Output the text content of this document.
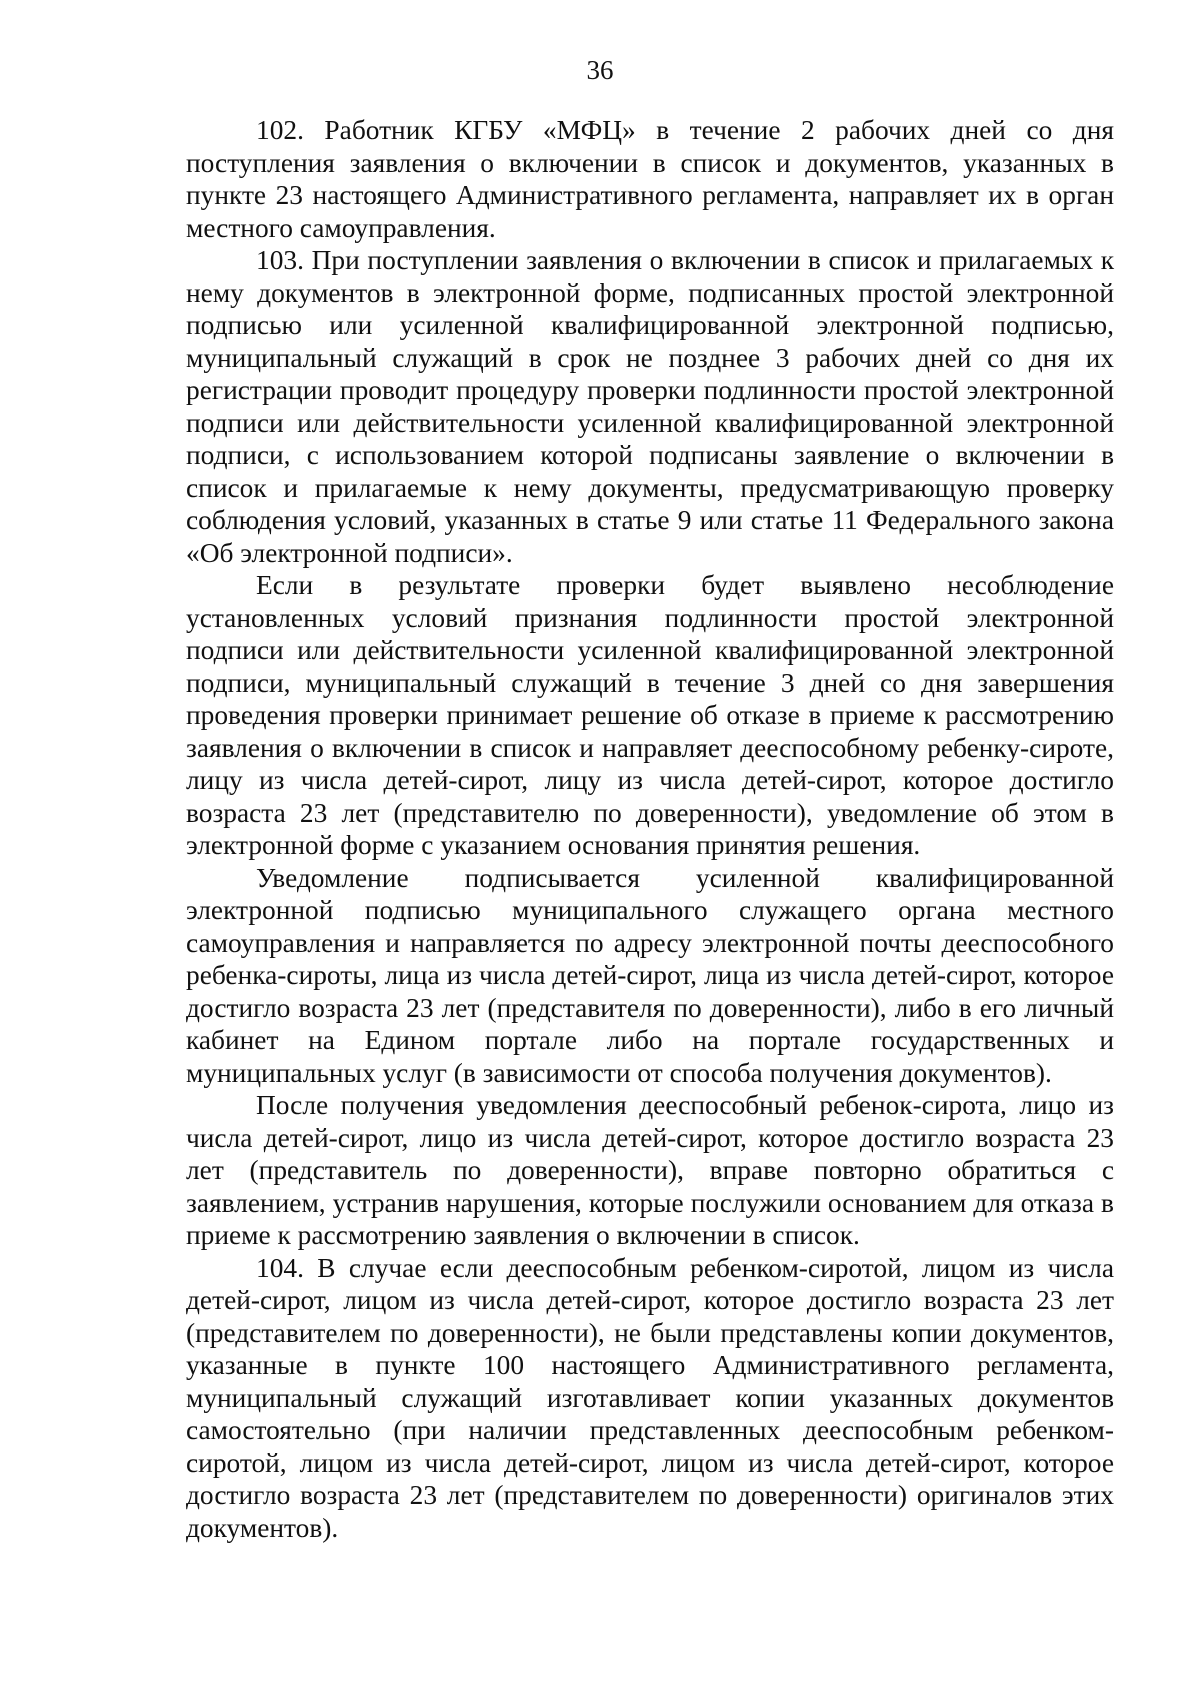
36

102. Работник КГБУ «МФЦ» в течение 2 рабочих дней со дня поступления заявления о включении в список и документов, указанных в пункте 23 настоящего Административного регламента, направляет их в орган местного самоуправления.

103. При поступлении заявления о включении в список и прилагаемых к нему документов в электронной форме, подписанных простой электронной подписью или усиленной квалифицированной электронной подписью, муниципальный служащий в срок не позднее 3 рабочих дней со дня их регистрации проводит процедуру проверки подлинности простой электронной подписи или действительности усиленной квалифицированной электронной подписи, с использованием которой подписаны заявление о включении в список и прилагаемые к нему документы, предусматривающую проверку соблюдения условий, указанных в статье 9 или статье 11 Федерального закона «Об электронной подписи».

Если в результате проверки будет выявлено несоблюдение установленных условий признания подлинности простой электронной подписи или действительности усиленной квалифицированной электронной подписи, муниципальный служащий в течение 3 дней со дня завершения проведения проверки принимает решение об отказе в приеме к рассмотрению заявления о включении в список и направляет дееспособному ребенку-сироте, лицу из числа детей-сирот, лицу из числа детей-сирот, которое достигло возраста 23 лет (представителю по доверенности), уведомление об этом в электронной форме с указанием основания принятия решения.

Уведомление подписывается усиленной квалифицированной электронной подписью муниципального служащего органа местного самоуправления и направляется по адресу электронной почты дееспособного ребенка-сироты, лица из числа детей-сирот, лица из числа детей-сирот, которое достигло возраста 23 лет (представителя по доверенности), либо в его личный кабинет на Едином портале либо на портале государственных и муниципальных услуг (в зависимости от способа получения документов).

После получения уведомления дееспособный ребенок-сирота, лицо из числа детей-сирот, лицо из числа детей-сирот, которое достигло возраста 23 лет (представитель по доверенности), вправе повторно обратиться с заявлением, устранив нарушения, которые послужили основанием для отказа в приеме к рассмотрению заявления о включении в список.

104. В случае если дееспособным ребенком-сиротой, лицом из числа детей-сирот, лицом из числа детей-сирот, которое достигло возраста 23 лет (представителем по доверенности), не были представлены копии документов, указанные в пункте 100 настоящего Административного регламента, муниципальный служащий изготавливает копии указанных документов самостоятельно (при наличии представленных дееспособным ребенком-сиротой, лицом из числа детей-сирот, лицом из числа детей-сирот, которое достигло возраста 23 лет (представителем по доверенности) оригиналов этих документов).
